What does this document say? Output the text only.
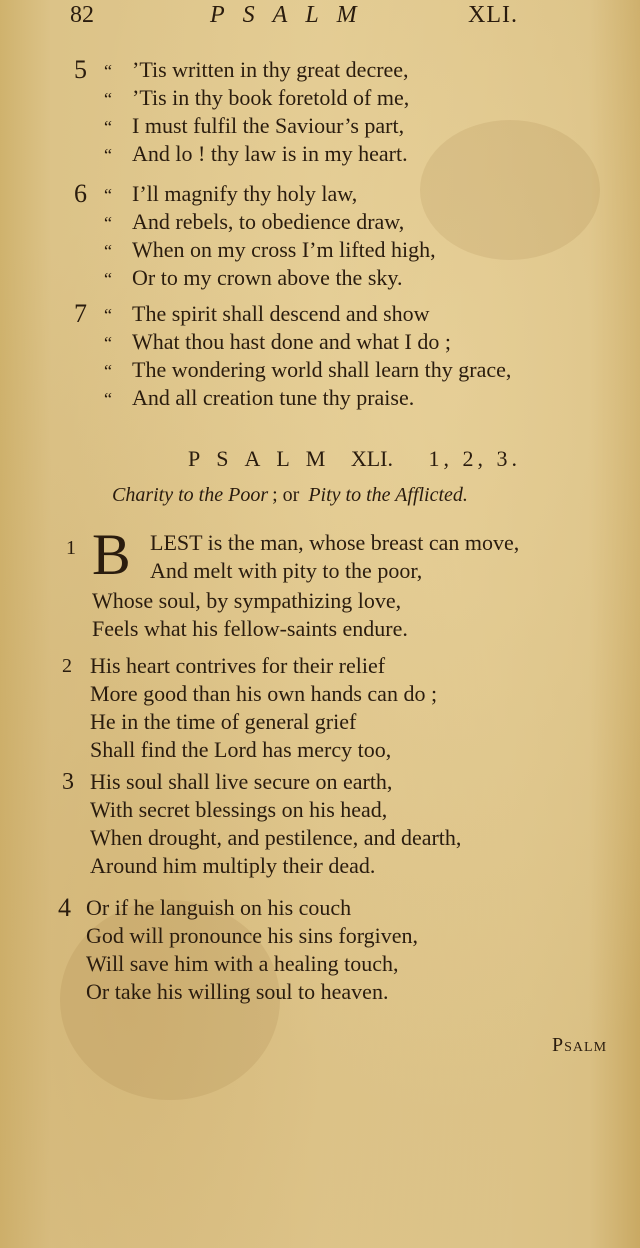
82	PSALM	XLI.
5 “ ’Tis written in thy great decree,
“ ’Tis in thy book foretold of me,
“ I must fulfil the Saviour’s part,
“ And lo ! thy law is in my heart.
6 “ I’ll magnify thy holy law,
“ And rebels, to obedience draw,
“ When on my cross I’m lifted high,
“ Or to my crown above the sky.
7 “ The spirit shall descend and show
“ What thou hast done and what I do ;
“ The wondering world shall learn thy grace,
“ And all creation tune thy praise.
PSALM XLI. 1, 2, 3.
Charity to the Poor ; or Pity to the Afflicted.
1 B LEST is the man, whose breast can move,
And melt with pity to the poor,
Whose soul, by sympathizing love,
Feels what his fellow-saints endure.
2 His heart contrives for their relief
More good than his own hands can do ;
He in the time of general grief
Shall find the Lord has mercy too,
3 His soul shall live secure on earth,
With secret blessings on his head,
When drought, and pestilence, and dearth,
Around him multiply their dead.
4 Or if he languish on his couch
God will pronounce his sins forgiven,
Will save him with a healing touch,
Or take his willing soul to heaven.
Psalm
